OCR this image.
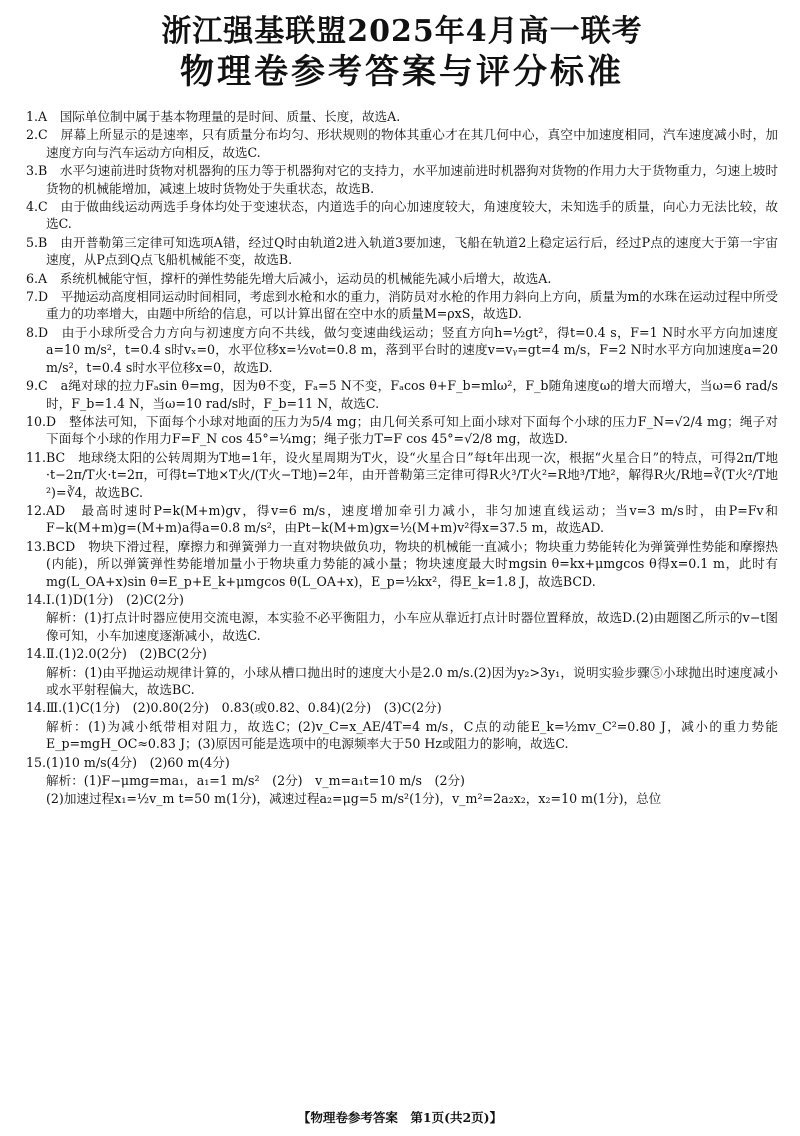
浙江强基联盟2025年4月高一联考
物理卷参考答案与评分标准

1.A　国际单位制中属于基本物理量的是时间、质量、长度，故选A.

2.C　屏幕上所显示的是速率，只有质量分布均匀、形状规则的物体其重心才在其几何中心，真空中加速度相同，汽车速度减小时，加速度方向与汽车运动方向相反，故选C.

3.B　水平匀速前进时货物对机器狗的压力等于机器狗对它的支持力，水平加速前进时机器狗对货物的作用力大于货物重力，匀速上坡时货物的机械能增加，减速上坡时货物处于失重状态，故选B.

4.C　由于做曲线运动两选手身体均处于变速状态，内道选手的向心加速度较大，角速度较大，未知选手的质量，向心力无法比较，故选C.

5.B　由开普勒第三定律可知选项A错，经过Q时由轨道2进入轨道3要加速，飞船在轨道2上稳定运行后，经过P点的速度大于第一宇宙速度，从P点到Q点飞船机械能不变，故选B.

6.A　系统机械能守恒，撑杆的弹性势能先增大后减小，运动员的机械能先减小后增大，故选A.

7.D　平抛运动高度相同运动时间相同，考虑到水枪和水的重力，消防员对水枪的作用力斜向上方向，质量为m的水珠在运动过程中所受重力的功率增大，由题中所给的信息，可以计算出留在空中水的质量M=ρxS，故选D.

8.D　由于小球所受合力方向与初速度方向不共线，做匀变速曲线运动；竖直方向h=½gt²，得t=0.4 s，F=1 N时水平方向加速度a=10 m/s²，t=0.4 s时vₓ=0，水平位移x=½v₀t=0.8 m，落到平台时的速度v=vᵧ=gt=4 m/s，F=2 N时水平方向加速度a=20 m/s²，t=0.4 s时水平位移x=0，故选D.

9.C　a绳对球的拉力Fₐsin θ=mg，因为θ不变，Fₐ=5 N不变，Fₐcos θ+F_b=mlω²，F_b随角速度ω的增大而增大，当ω=6 rad/s时，F_b=1.4 N，当ω=10 rad/s时，F_b=11 N，故选C.

10.D　整体法可知，下面每个小球对地面的压力为5/4 mg；由几何关系可知上面小球对下面每个小球的压力F_N=√2/4 mg；绳子对下面每个小球的作用力F=F_N cos 45°=¼mg；绳子张力T=F cos 45°=√2/8 mg，故选D.

11.BC　地球绕太阳的公转周期为T地=1年，设火星周期为T火，设“火星合日”每t年出现一次，根据“火星合日”的特点，可得2π/T地·t−2π/T火·t=2π，可得t=T地×T火/(T火−T地)=2年，由开普勒第三定律可得R火³/T火²=R地³/T地²，解得R火/R地=∛(T火²/T地²)=∛4，故选BC.

12.AD　最高时速时P=k(M+m)gv，得v=6 m/s，速度增加牵引力减小，非匀加速直线运动；当v=3 m/s时，由P=Fv和F−k(M+m)g=(M+m)a得a=0.8 m/s²，由Pt−k(M+m)gx=½(M+m)v²得x=37.5 m，故选AD.

13.BCD　物块下滑过程，摩擦力和弹簧弹力一直对物块做负功，物块的机械能一直减小；物块重力势能转化为弹簧弹性势能和摩擦热(内能)，所以弹簧弹性势能增加量小于物块重力势能的减小量；物块速度最大时mgsin θ=kx+μmgcos θ得x=0.1 m，此时有mg(L_OA+x)sin θ=E_p+E_k+μmgcos θ(L_OA+x)，E_p=½kx²，得E_k=1.8 J，故选BCD.

14.Ⅰ.(1)D(1分)　(2)C(2分)

解析：(1)打点计时器应使用交流电源，本实验不必平衡阻力，小车应从靠近打点计时器位置释放，故选D.(2)由题图乙所示的v−t图像可知，小车加速度逐渐减小，故选C.

14.Ⅱ.(1)2.0(2分)　(2)BC(2分)

解析：(1)由平抛运动规律计算的，小球从槽口抛出时的速度大小是2.0 m/s.(2)因为y₂>3y₁，说明实验步骤⑤小球抛出时速度减小或水平射程偏大，故选BC.

14.Ⅲ.(1)C(1分)　(2)0.80(2分)　0.83(或0.82、0.84)(2分)　(3)C(2分)

解析：(1)为减小纸带相对阻力，故选C；(2)v_C=x_AE/4T=4 m/s，C点的动能E_k=½mv_C²=0.80 J，减小的重力势能E_p=mgH_OC≈0.83 J；(3)原因可能是选项中的电源频率大于50 Hz或阻力的影响，故选C.

15.(1)10 m/s(4分)　(2)60 m(4分)

解析：(1)F−μmg=ma₁，a₁=1 m/s²　(2分)　v_m=a₁t=10 m/s　(2分)

(2)加速过程x₁=½v_m t=50 m(1分)，减速过程a₂=μg=5 m/s²(1分)，v_m²=2a₂x₂，x₂=10 m(1分)，总位

【物理卷参考答案　第1页(共2页)】
